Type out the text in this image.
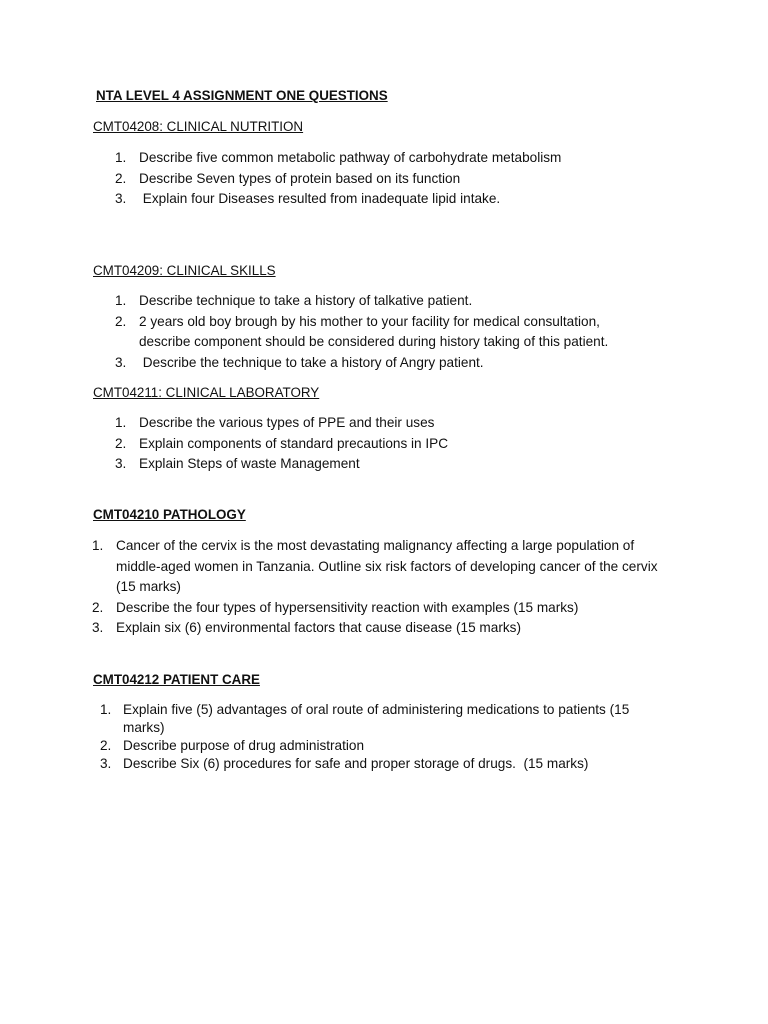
NTA LEVEL 4 ASSIGNMENT ONE QUESTIONS
CMT04208: CLINICAL NUTRITION
1. Describe five common metabolic pathway of carbohydrate metabolism
2. Describe Seven types of protein based on its function
3. Explain four Diseases resulted from inadequate lipid intake.
CMT04209: CLINICAL SKILLS
1. Describe technique to take a history of talkative patient.
2. 2 years old boy brough by his mother to your facility for medical consultation, describe component should be considered during history taking of this patient.
3. Describe the technique to take a history of Angry patient.
CMT04211: CLINICAL LABORATORY
1. Describe the various types of PPE and their uses
2. Explain components of standard precautions in IPC
3. Explain Steps of waste Management
CMT04210 PATHOLOGY
1. Cancer of the cervix is the most devastating malignancy affecting a large population of middle-aged women in Tanzania. Outline six risk factors of developing cancer of the cervix (15 marks)
2. Describe the four types of hypersensitivity reaction with examples (15 marks)
3. Explain six (6) environmental factors that cause disease (15 marks)
CMT04212 PATIENT CARE
1. Explain five (5) advantages of oral route of administering medications to patients (15 marks)
2. Describe purpose of drug administration
3. Describe Six (6) procedures for safe and proper storage of drugs.  (15 marks)
